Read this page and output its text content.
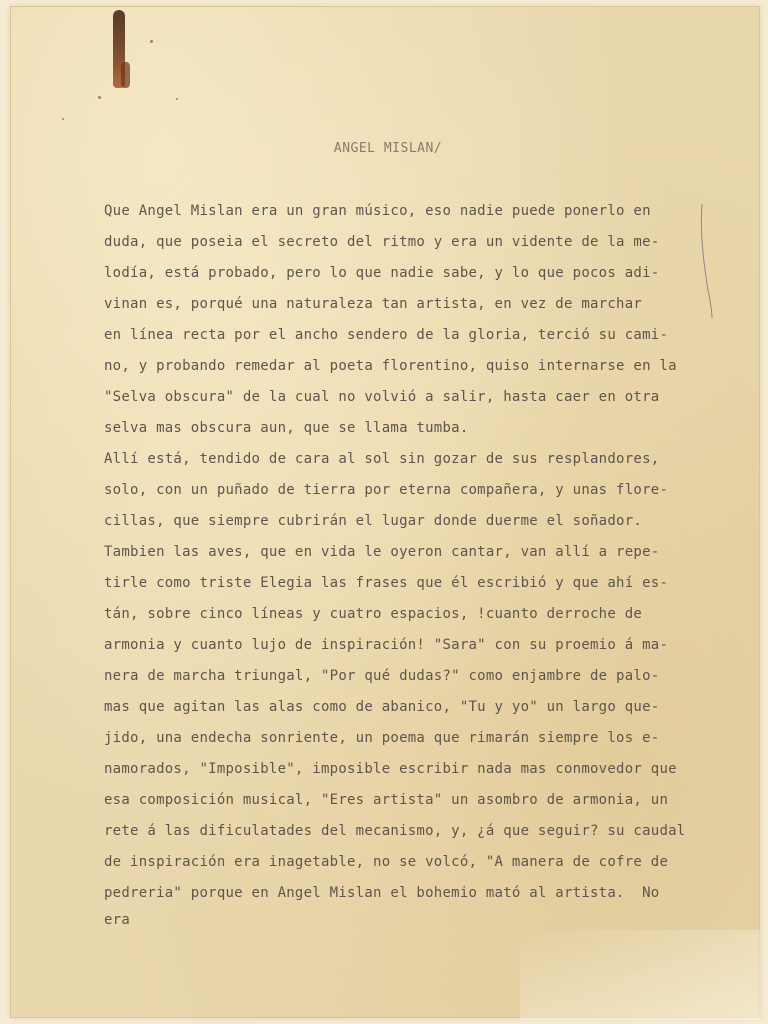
ANGEL MISLAN/
Que Angel Mislan era un gran músico, eso nadie puede ponerlo en
duda, que poseia el secreto del ritmo y era un vidente de la me-
lodía, está probado, pero lo que nadie sabe, y lo que pocos adi-
vinan es, porqué una naturaleza tan artista, en vez de marchar
en línea recta por el ancho sendero de la gloria, terció su cami-
no, y probando remedar al poeta florentino, quiso internarse en la
"Selva obscura" de la cual no volvió a salir, hasta caer en otra
selva mas obscura aun, que se llama tumba.
Allí está, tendido de cara al sol sin gozar de sus resplandores,
solo, con un puñado de tierra por eterna compañera, y unas flore-
cillas, que siempre cubrirán el lugar donde duerme el soñador.
Tambien las aves, que en vida le oyeron cantar, van allí a repe-
tirle como triste Elegia las frases que él escribió y que ahí es-
tán, sobre cinco líneas y cuatro espacios, !cuanto derroche de
armonia y cuanto lujo de inspiración! "Sara" con su proemio á ma-
nera de marcha triungal, "Por qué dudas?" como enjambre de palo-
mas que agitan las alas como de abanico, "Tu y yo" un largo que-
jido, una endecha sonriente, un poema que rimarán siempre los e-
namorados, "Imposible", imposible escribir nada mas conmovedor que
esa composición musical, "Eres artista" un asombro de armonia, un
rete á las dificulatades del mecanismo, y, ¿á que seguir? su caudal
de inspiración era inagetable, no se volcó, "A manera de cofre de
pedreria" porque en Angel Mislan el bohemio mató al artista.  No
era
